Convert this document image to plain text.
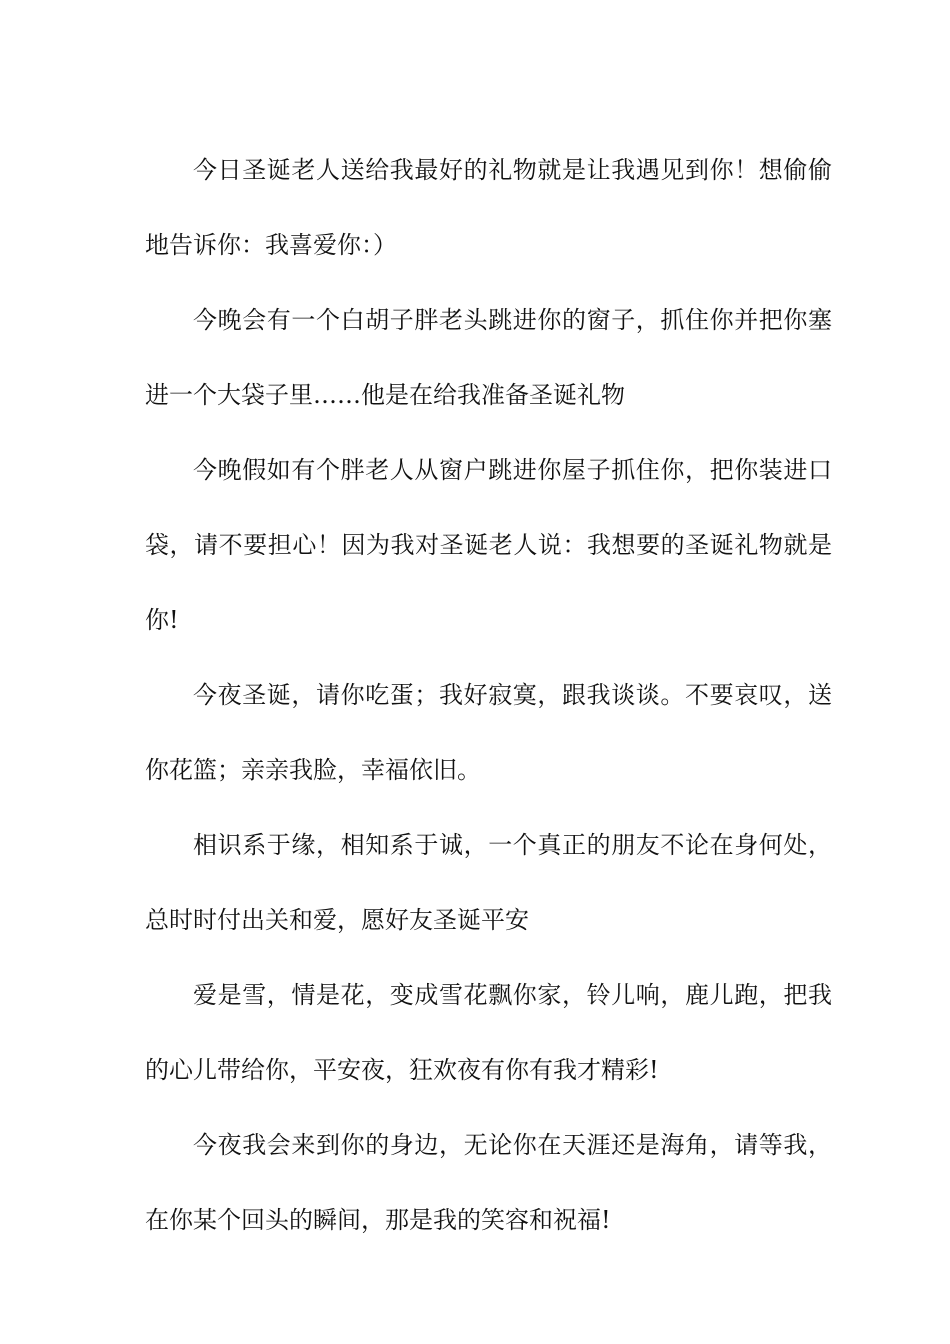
今日圣诞老人送给我最好的礼物就是让我遇见到你！想偷偷地告诉你：我喜爱你：）

今晚会有一个白胡子胖老头跳进你的窗子，抓住你并把你塞进一个大袋子里……他是在给我准备圣诞礼物

今晚假如有个胖老人从窗户跳进你屋子抓住你，把你装进口袋，请不要担心！因为我对圣诞老人说：我想要的圣诞礼物就是你!

今夜圣诞，请你吃蛋；我好寂寞，跟我谈谈。不要哀叹，送你花篮；亲亲我脸，幸福依旧。

相识系于缘，相知系于诚，一个真正的朋友不论在身何处，总时时付出关和爱，愿好友圣诞平安

爱是雪，情是花，变成雪花飘你家，铃儿响，鹿儿跑，把我的心儿带给你，平安夜，狂欢夜有你有我才精彩!

今夜我会来到你的身边，无论你在天涯还是海角，请等我，在你某个回头的瞬间，那是我的笑容和祝福!
